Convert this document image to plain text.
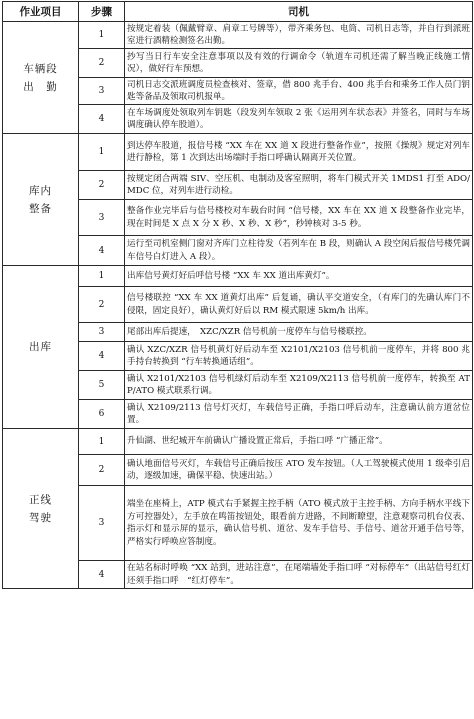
作业项目	步骤	司机

车辆段
出　勤	1	按规定着装（佩戴臂章、肩章工号牌等），带齐乘务包、电筒、司机日志等，并自行到派班室进行酒精检测签名出勤。
	2	抄写当日行车安全注意事项以及有效的行调命令（轨道车司机还需了解当晚正线施工情况），做好行车预想。
	3	司机日志交派班调度员检查核对、签章，借 800 兆手台、400 兆手台和乘务工作人员门钥匙等备品及领取司机报单。
	4	在车场调度处领取列车钥匙（段发列车领取 2 张《运用列车状态表》并签名，同时与车场调度确认停车股道）。

库内
整备	1	到达停车股道，报信号楼 “XX 车在 XX 道 X 段进行整备作业”，按照《操规》规定对列车进行静检，第 1 次到达出场端时手指口呼确认隔离开关位置。
	2	按规定闭合两端 SIV、空压机、电制动及客室照明，将车门模式开关 1MDS1 打至 ADO/MDC 位，对列车进行动检。
	3	整备作业完毕后与信号楼校对车载台时间 “信号楼，XX 车在 XX 道 X 段整备作业完毕，现在时间是 X 点 X 分 X 秒、X 秒、X 秒”，秒钟核对 3-5 秒。
	4	运行至司机室侧门窗对齐库门立柱待发（若列车在 B 段，则确认 A 段空闲后报信号楼凭调车信号白灯进入 A 段）。

出库	1	出库信号黄灯好后呼信号楼 “XX 车 XX 道出库黄灯”。
	2	信号楼联控 “XX 车 XX 道黄灯出库” 后复诵，确认平交道安全，（有库门的先确认库门不侵限，固定良好），确认黄灯好后以 RM 模式限速 5km/h 出库。
	3	尾部出库后提速，　XZC/XZR 信号机前一度停车与信号楼联控。
	4	确认 XZC/XZR 信号机黄灯好后动车至 X2101/X2103 信号机前一度停车，并将 800 兆手持台转换到 “行车转换通话组”。
	5	确认 X2101/X2103 信号机绿灯后动车至 X2109/X2113 信号机前一度停车，转换至 ATP/ATO 模式联系行调。
	6	确认 X2109/2113 信号灯灭灯，车载信号正确，手指口呼后动车，注意确认前方道岔位置。

正线
驾驶	1	升仙湖、世纪城开车前确认广播设置正常后，手指口呼 “广播正常”。
	2	确认地面信号灭灯，车载信号正确后按压 ATO 发车按钮。（人工驾驶模式使用 1 级牵引启动，逐级加速，确保平稳、快速出站。）
	3	端坐在座椅上，ATP 模式右手紧握主控手柄（ATO 模式放于主控手柄、方向手柄水平线下方可控器处），左手放在鸣笛按钮处，眼看前方进路，不间断瞭望，注意观察司机台仪表、指示灯和显示屏的显示，确认信号机、道岔、发车手信号、手信号、道岔开通手信号等，严格实行呼唤应答制度。
	4	在站名标时呼唤 “XX 站到，进站注意”，在尾端墙处手指口呼 “对标停车”（出站信号红灯还须手指口呼　“红灯停车”。
